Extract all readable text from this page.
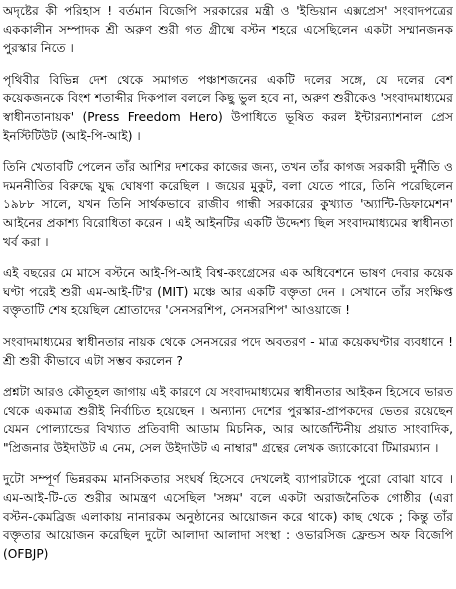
অদৃষ্টের কী পরিহাস ! বর্তমান বিজেপি সরকারের মন্ত্রী ও 'ইন্ডিয়ান এক্সপ্রেস' সংবাদপত্রের এককালীন সম্পাদক শ্রী অরুণ শুরী গত গ্রীষ্মে বস্টন শহরে এসেছিলেন একটা সম্মানজনক পুরস্কার নিতে ।

পৃথিবীর বিভিন্ন দেশ থেকে সমাগত পঞ্চাশজনের একটি দলের সঙ্গে, যে দলের বেশ কয়েকজনকে বিংশ শতাব্দীর দিকপাল বললে কিছু ভুল হবে না, অরুণ শুরীকেও 'সংবাদমাধ্যমের স্বাধীনতানায়ক' (Press Freedom Hero) উপাধিতে ভূষিত করল ইন্টারন্যাশনাল প্রেস ইনস্টিটিউট (আই-পি-আই) ।

তিনি খেতাবটি পেলেন তাঁর আশির দশকের কাজের জন্য, তখন তাঁর কাগজ সরকারী দুর্নীতি ও দমননীতির বিরুদ্ধে যুদ্ধ ঘোষণা করেছিল । জয়ের মুকুট, বলা যেতে পারে, তিনি পরেছিলেন ১৯৮৮ সালে, যখন তিনি সার্থকভাবে রাজীব গান্ধী সরকারের কুখ্যাত 'অ্যান্টি-ডিফামেশন' আইনের প্রকাশ্য বিরোধিতা করেন । এই আইনটির একটি উদ্দেশ্য ছিল সংবাদমাধ্যমের স্বাধীনতা খর্ব করা ।

এই বছরের মে মাসে বস্টনে আই-পি-আই বিশ্ব-কংগ্রেসের এক অধিবেশনে ভাষণ দেবার কয়েক ঘণ্টা পরেই শুরী এম-আই-টি'র (MIT) মঞ্চে আর একটি বক্তৃতা দেন । সেখানে তাঁর সংক্ষিপ্ত বক্তৃতাটি শেষ হয়েছিল শ্রোতাদের 'সেনসরশিপ, সেনসরশিপ' আওয়াজে !

সংবাদমাধ্যমের স্বাধীনতার নায়ক থেকে সেনসরের পদে অবতরণ - মাত্র কয়েকঘণ্টার ব্যবধানে ! শ্রী শুরী কীভাবে এটা সম্ভব করলেন ?

প্রশ্নটা আরও কৌতূহল জাগায় এই কারণে যে সংবাদমাধ্যমের স্বাধীনতার আইকন হিসেবে ভারত থেকে একমাত্র শুরীই নির্বাচিত হয়েছেন । অন্যান্য দেশের পুরস্কার-প্রাপকদের ভেতর রয়েছেন যেমন পোল্যান্ডের বিখ্যাত প্রতিবাদী আডাম মিচনিক, আর আর্জেন্টিনীয় প্রয়াত সাংবাদিক, "প্রিজনার উইদাউট এ নেম, সেল উইদাউট এ নাম্বার" গ্রন্থের লেখক জ্যাকোবো টিমারম্যান ।

দুটো সম্পূর্ণ ভিন্নরকম মানসিকতার সংঘর্ষ হিসেবে দেখলেই ব্যাপারটাকে পুরো বোঝা যাবে । এম-আই-টি-তে শুরীর আমন্ত্রণ এসেছিল 'সঙ্গম' বলে একটা অরাজনৈতিক গোষ্ঠীর (এরা বস্টন-কেমব্রিজ এলাকায় নানারকম অনুষ্ঠানের আয়োজন করে থাকে) কাছ থেকে ; কিন্তু তাঁর বক্তৃতার আয়োজন করেছিল দুটো আলাদা আলাদা সংস্থা : ওভারসিজ ফ্রেন্ডস অফ বিজেপি (OFBJP)
